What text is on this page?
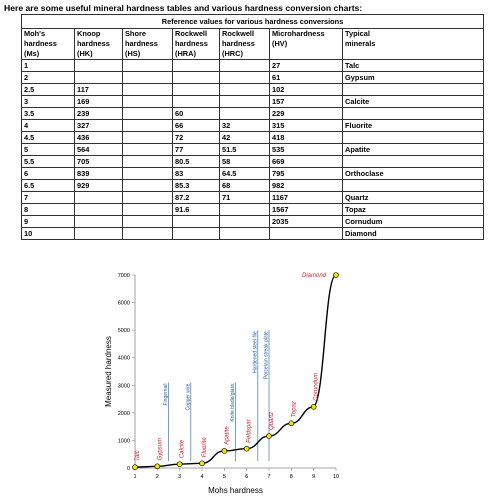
Here are some useful mineral hardness tables and various hardness conversion charts:
Reference values for various hardness conversions						

Moh's
hardness
(Ms)	Knoop
hardness
(HK)	Shore
hardness
(HS)	Rockwell
hardness
(HRA)	Rockwell
hardness
(HRC)	Microhardness
(HV)	Typical
minerals

1					27	Talc
2					61	Gypsum
2.5	117				102	
3	169				157	Calcite
3.5	239		60		229	
4	327		66	32	315	Fluorite
4.5	436		72	42	418	
5	564		77	51.5	535	Apatite
5.5	705		80.5	58	669	
6	839		83	64.5	795	Orthoclase
6.5	929		85.3	68	982	
7			87.2	71	1167	Quartz
8			91.6		1567	Topaz
9					2035	Cornudum
10						Diamond
0
1000
2000
3000
4000
5000
6000
7000
1	2	3	4	5	6	7	8	9	10
Mohs hardness
Measured hardness	Fingernail	Copper wire	Knife blade/glass
Hardened steel file Porcelain streak plate
Talc	Gypsum	Calcite	Fluorite
Apatite	Feldspar	Quartz
Topaz
Corundum
Diamond
